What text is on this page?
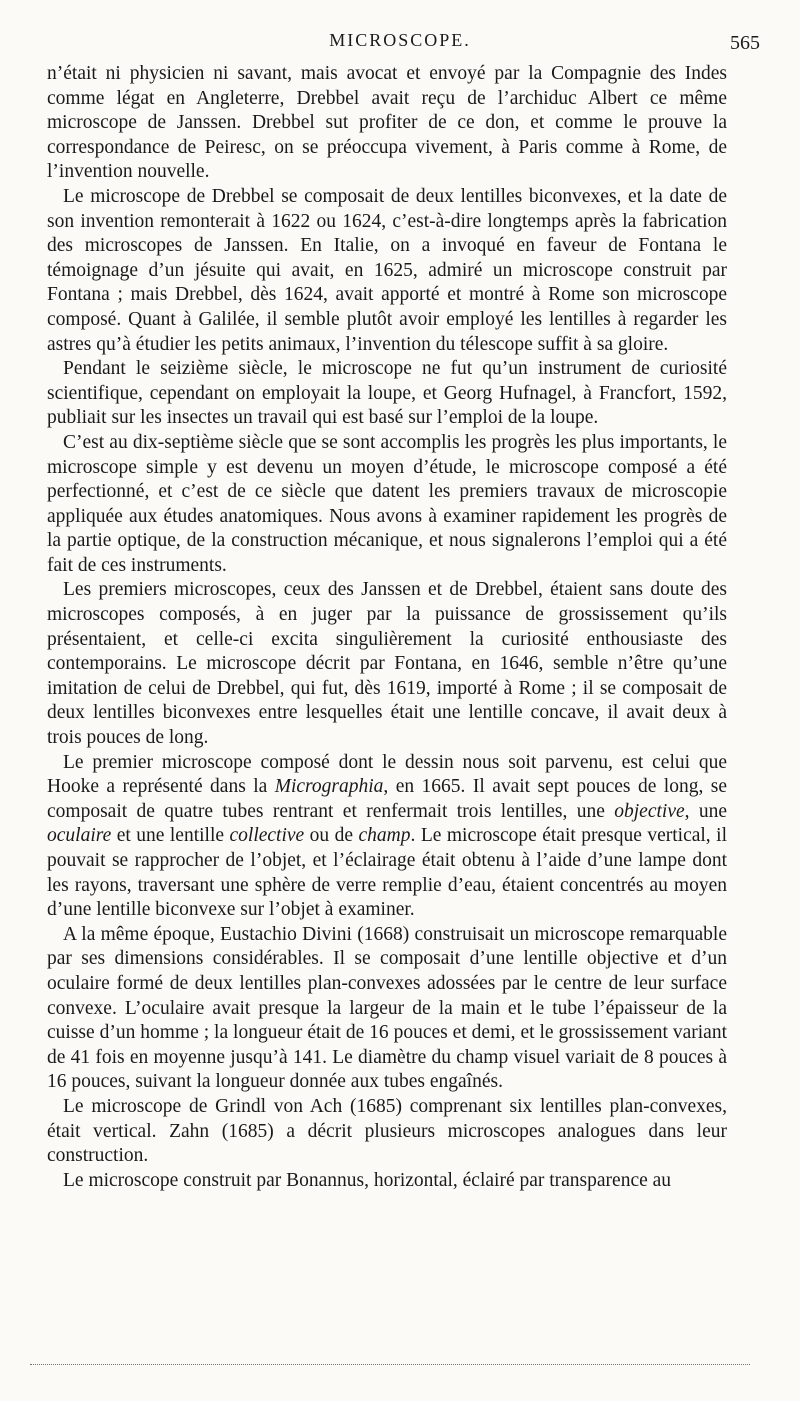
MICROSCOPE.	565

n’était ni physicien ni savant, mais avocat et envoyé par la Compagnie des Indes comme légat en Angleterre, Drebbel avait reçu de l’archiduc Albert ce même microscope de Janssen. Drebbel sut profiter de ce don, et comme le prouve la correspondance de Peiresc, on se préoccupa vivement, à Paris comme à Rome, de l’invention nouvelle.

Le microscope de Drebbel se composait de deux lentilles biconvexes, et la date de son invention remonterait à 1622 ou 1624, c’est-à-dire longtemps après la fabrication des microscopes de Janssen. En Italie, on a invoqué en faveur de Fontana le témoignage d’un jésuite qui avait, en 1625, admiré un microscope construit par Fontana ; mais Drebbel, dès 1624, avait apporté et montré à Rome son microscope composé. Quant à Galilée, il semble plutôt avoir employé les lentilles à regarder les astres qu’à étudier les petits animaux, l’invention du télescope suffit à sa gloire.

Pendant le seizième siècle, le microscope ne fut qu’un instrument de curiosité scientifique, cependant on employait la loupe, et Georg Hufnagel, à Francfort, 1592, publiait sur les insectes un travail qui est basé sur l’emploi de la loupe.

C’est au dix-septième siècle que se sont accomplis les progrès les plus importants, le microscope simple y est devenu un moyen d’étude, le microscope composé a été perfectionné, et c’est de ce siècle que datent les premiers travaux de microscopie appliquée aux études anatomiques. Nous avons à examiner rapidement les progrès de la partie optique, de la construction mécanique, et nous signalerons l’emploi qui a été fait de ces instruments.

Les premiers microscopes, ceux des Janssen et de Drebbel, étaient sans doute des microscopes composés, à en juger par la puissance de grossissement qu’ils présentaient, et celle-ci excita singulièrement la curiosité enthousiaste des contemporains. Le microscope décrit par Fontana, en 1646, semble n’être qu’une imitation de celui de Drebbel, qui fut, dès 1619, importé à Rome ; il se composait de deux lentilles biconvexes entre lesquelles était une lentille concave, il avait deux à trois pouces de long.

Le premier microscope composé dont le dessin nous soit parvenu, est celui que Hooke a représenté dans la Micrographia, en 1665. Il avait sept pouces de long, se composait de quatre tubes rentrant et renfermait trois lentilles, une objective, une oculaire et une lentille collective ou de champ. Le microscope était presque vertical, il pouvait se rapprocher de l’objet, et l’éclairage était obtenu à l’aide d’une lampe dont les rayons, traversant une sphère de verre remplie d’eau, étaient concentrés au moyen d’une lentille biconvexe sur l’objet à examiner.

A la même époque, Eustachio Divini (1668) construisait un microscope remarquable par ses dimensions considérables. Il se composait d’une lentille objective et d’un oculaire formé de deux lentilles plan-convexes adossées par le centre de leur surface convexe. L’oculaire avait presque la largeur de la main et le tube l’épaisseur de la cuisse d’un homme ; la longueur était de 16 pouces et demi, et le grossissement variant de 41 fois en moyenne jusqu’à 141. Le diamètre du champ visuel variait de 8 pouces à 16 pouces, suivant la longueur donnée aux tubes engaînés.

Le microscope de Grindl von Ach (1685) comprenant six lentilles plan-convexes, était vertical. Zahn (1685) a décrit plusieurs microscopes analogues dans leur construction.

Le microscope construit par Bonannus, horizontal, éclairé par transparence au
